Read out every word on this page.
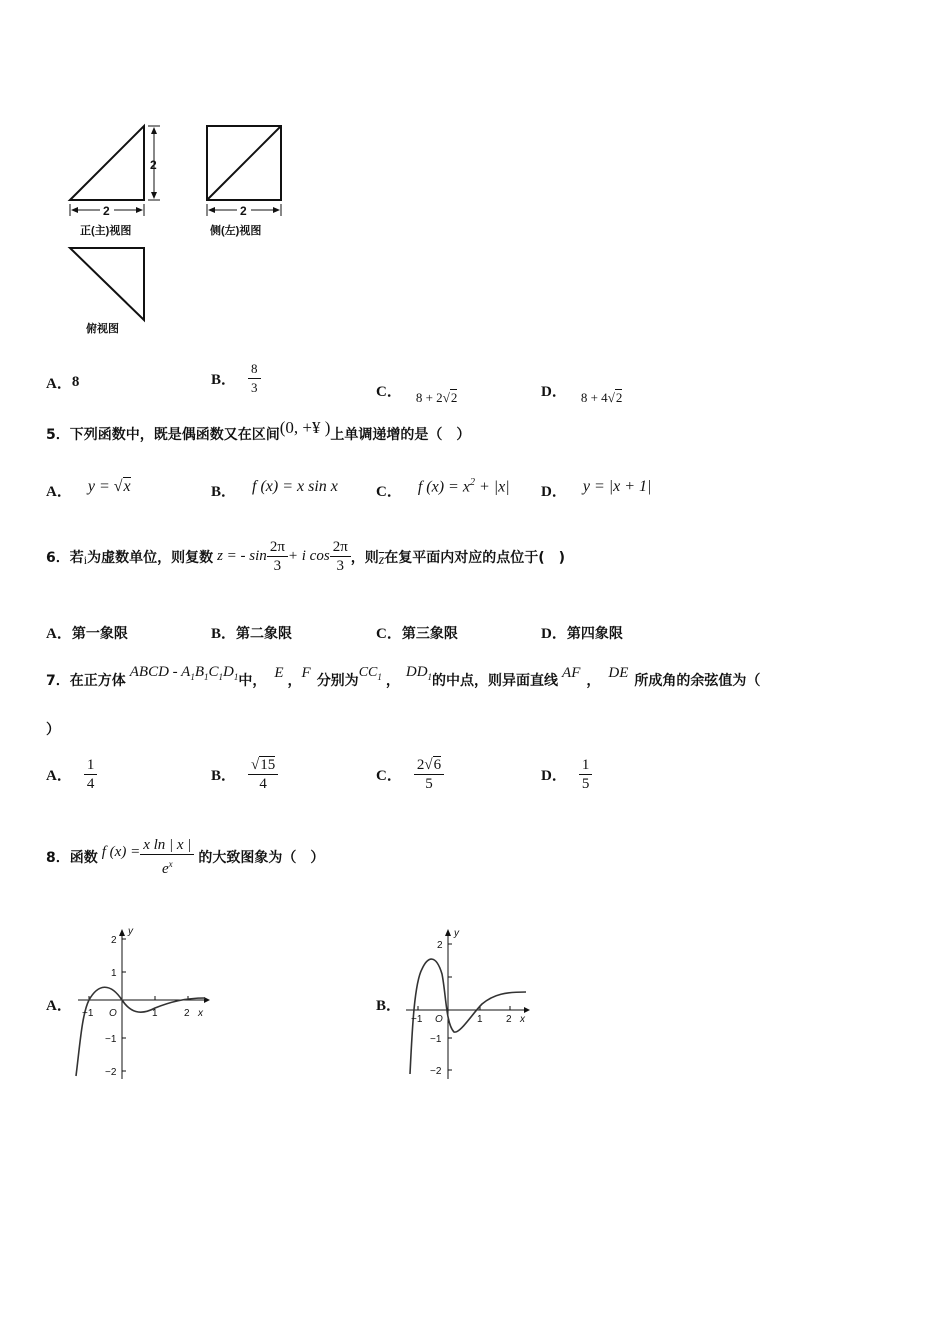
2
2
正(主)视图
2
侧(左)视图
俯视图
A． 8	B． $\frac{8}{3}$	C． 8 + 2√2	D． 8 + 4√2
5． 下列函数中，既是偶函数又在区间 (0, +¥ ) 上单调递增的是（　）
A． y = √x	B． f (x) = x sin x	C． f $(x) = x^2 + |x|$ D． y = |x + 1|
6． 若 i 为虚数单位，则复数 z = - $\sin \frac{2\pi}{3} + i$ $\cos \frac{2\pi}{3}$ ，则 $\overline{z}$ 在复平面内对应的点位于(　)
A． 第一象限	B． 第二象限	C． 第三象限	D． 第四象限
7． 在正方体
ABCD - $A_1B_1C_1D_1$ 中，
E
，
F
分别为
$CC_1$ ，
$DD_1$ 的中点，则异面直线
AF
，
DE
所成角的余弦值为（
）
A． $\frac{1}{4}$	B． $\frac{√15}{4}$	C． $\frac{2√6}{5}$	D． $\frac{1}{5}$
8． 函数 f $(x) = \frac{\text{x ln | x |}}{e^x}$ 的大致图象为（　）
A．
2
1
−1
−2
−1 O	1	2 x
y
B．
2
−1
−2
−1 O	1 2 x
y
